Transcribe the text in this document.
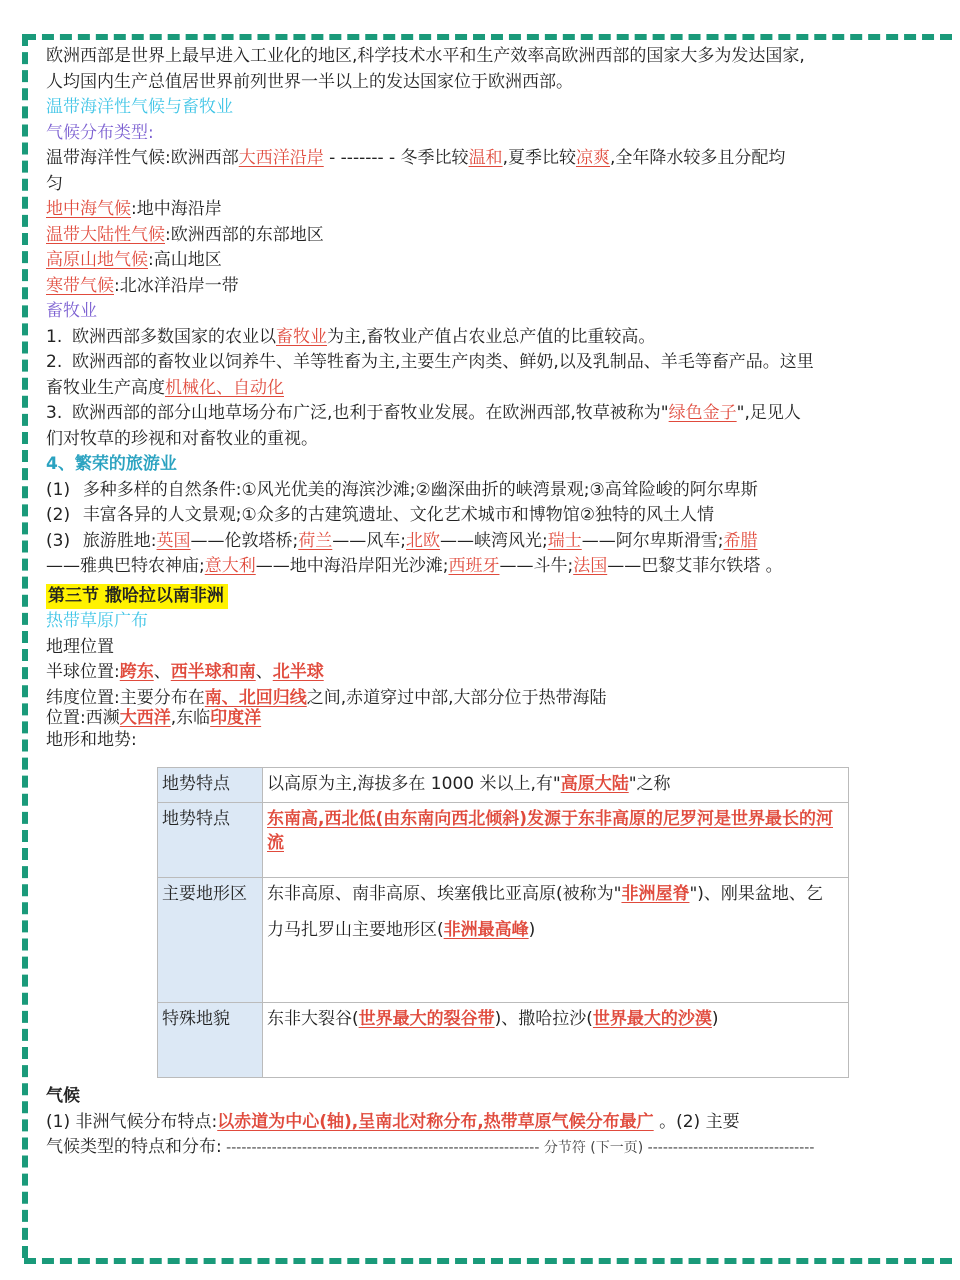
欧洲西部是世界上最早进入工业化的地区,科学技术水平和生产效率高欧洲西部的国家大多为发达国家,

人均国内生产总值居世界前列世界一半以上的发达国家位于欧洲西部。

温带海洋性气候与畜牧业

气候分布类型:

温带海洋性气候:欧洲西部大西洋沿岸 - ------- - 冬季比较温和,夏季比较凉爽,全年降水较多且分配均

匀

地中海气候:地中海沿岸

温带大陆性气候:欧洲西部的东部地区

高原山地气候:高山地区

寒带气候:北冰洋沿岸一带

畜牧业

1. 欧洲西部多数国家的农业以畜牧业为主,畜牧业产值占农业总产值的比重较高。

2. 欧洲西部的畜牧业以饲养牛、羊等牲畜为主,主要生产肉类、鲜奶,以及乳制品、羊毛等畜产品。这里

畜牧业生产高度机械化、自动化

3. 欧洲西部的部分山地草场分布广泛,也利于畜牧业发展。在欧洲西部,牧草被称为"绿色金子",足见人

们对牧草的珍视和对畜牧业的重视。

4、繁荣的旅游业

(1) 多种多样的自然条件:①风光优美的海滨沙滩;②幽深曲折的峡湾景观;③高耸险峻的阿尔卑斯

(2) 丰富各异的人文景观;①众多的古建筑遗址、文化艺术城市和博物馆②独特的风土人情

(3) 旅游胜地:英国——伦敦塔桥;荷兰——风车;北欧——峡湾风光;瑞士——阿尔卑斯滑雪;希腊

——雅典巴特农神庙;意大利——地中海沿岸阳光沙滩;西班牙——斗牛;法国——巴黎艾菲尔铁塔 。

第三节 撒哈拉以南非洲

热带草原广布

地理位置

半球位置:跨东、西半球和南、北半球

纬度位置:主要分布在南、北回归线之间,赤道穿过中部,大部分位于热带海陆

位置:西濒大西洋,东临印度洋

地形和地势:

地势特点	以高原为主,海拔多在 1000 米以上,有"高原大陆"之称
地势特点	东南高,西北低(由东南向西北倾斜)发源于东非高原的尼罗河是世界最长的河流
主要地形区	东非高原、南非高原、埃塞俄比亚高原(被称为"非洲屋脊")、刚果盆地、乞
力马扎罗山主要地形区(非洲最高峰)

特殊地貌	东非大裂谷(世界最大的裂谷带)、撒哈拉沙(世界最大的沙漠)

气候

(1) 非洲气候分布特点:以赤道为中心(轴),呈南北对称分布,热带草原气候分布最广 。(2) 主要

气候类型的特点和分布: -------------------------------------------------------------- 分节符 (下一页) ---------------------------------
